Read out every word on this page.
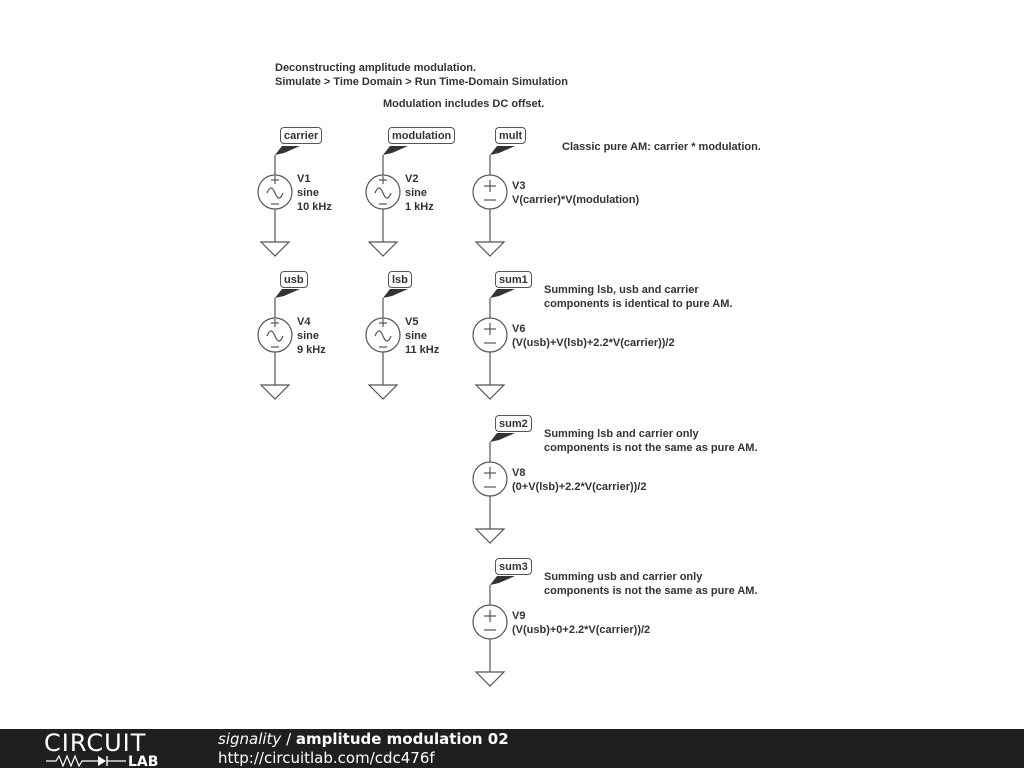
Deconstructing amplitude modulation.
Simulate > Time Domain > Run Time-Domain Simulation
Modulation includes DC offset.
Classic pure AM: carrier * modulation.
Summing lsb, usb and carrier
components is identical to pure AM.
Summing lsb and carrier only
components is not the same as pure AM.
Summing usb and carrier only
components is not the same as pure AM.
carrier	modulation	mult
usb	lsb	sum1
sum2
sum3
V1
sine
10 kHz
V2
sine
1 kHz
V3
V(carrier)*V(modulation)
V4
sine
9 kHz
V5
sine
11 kHz
V6
(V(usb)+V(lsb)+2.2*V(carrier))/2
V8
(0+V(lsb)+2.2*V(carrier))/2
V9
(V(usb)+0+2.2*V(carrier))/2
CIRCUIT
LAB
signality / amplitude modulation 02
http://circuitlab.com/cdc476f
